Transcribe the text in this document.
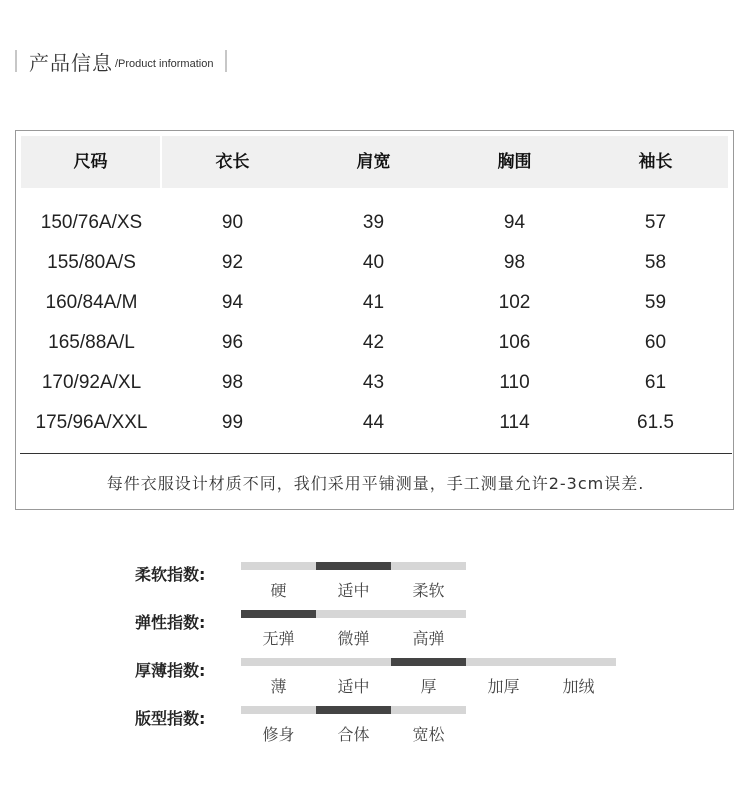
产品信息 /Product information
尺码	衣长	肩宽	胸围	袖长
150/76A/XS	90	39	94	57
155/80A/S	92	40	98	58
160/84A/M	94	41	102	59
165/88A/L	96	42	106	60
170/92A/XL	98	43	110	61
175/96A/XXL	99	44	114	61.5
每件衣服设计材质不同，我们采用平铺测量，手工测量允许2-3cm误差.
柔软指数:
硬	适中	柔软
弹性指数:
无弹	微弹	高弹
厚薄指数:
薄	适中	厚	加厚	加绒
版型指数:
修身	合体	宽松
